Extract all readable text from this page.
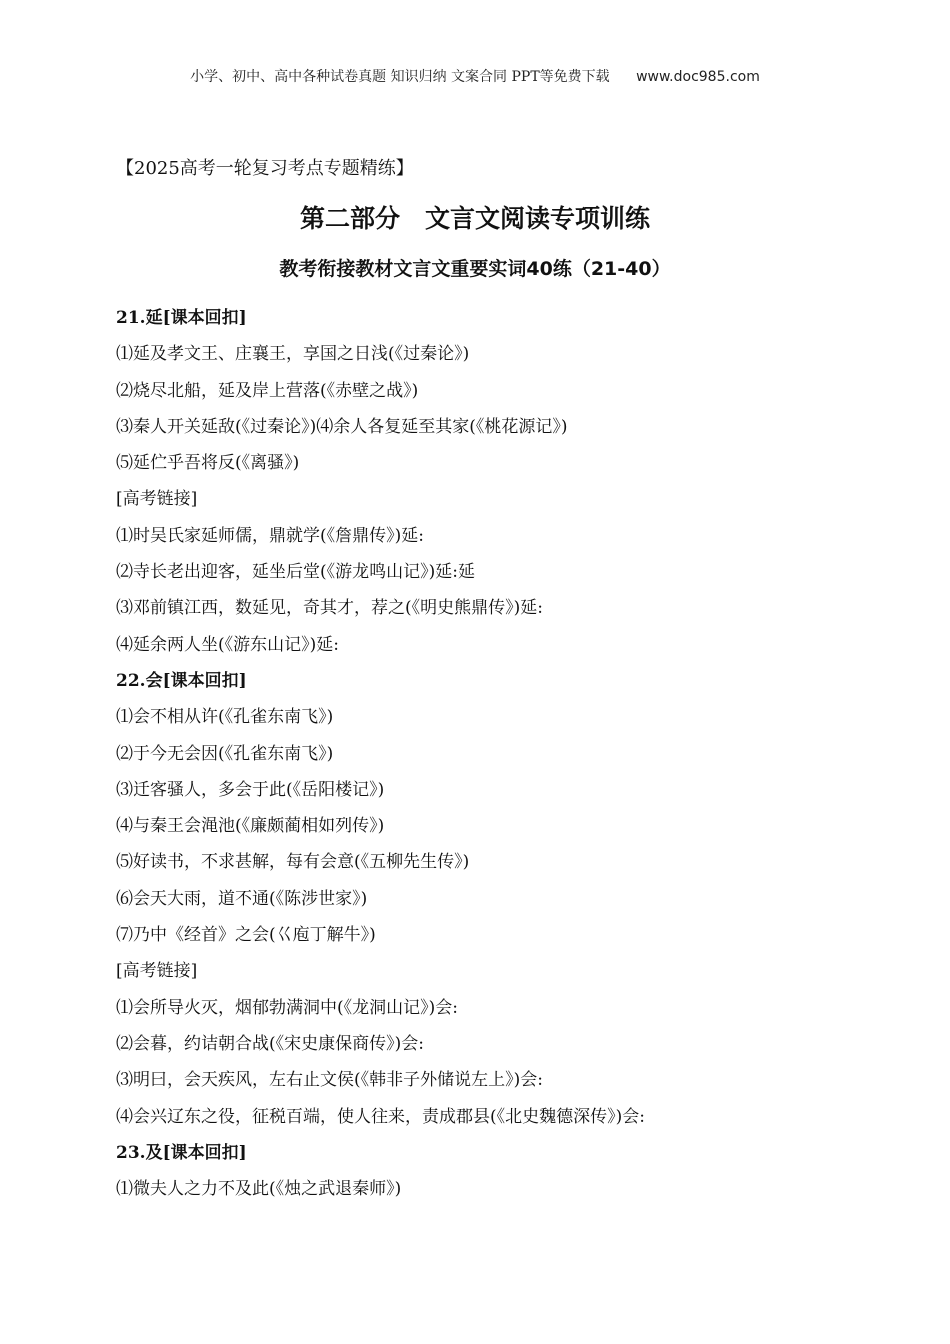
小学、初中、高中各种试卷真题 知识归纳 文案合同 PPT等免费下载 www.doc985.com
【2025高考一轮复习考点专题精练】
第二部分　文言文阅读专项训练
教考衔接教材文言文重要实词40练（21-40）
21.延[课本回扣]
⑴延及孝文王、庄襄王，享国之日浅(《过秦论》)
⑵烧尽北船，延及岸上营落(《赤壁之战》)
⑶秦人开关延敌(《过秦论》)⑷余人各复延至其家(《桃花源记》)
⑸延伫乎吾将反(《离骚》)
[高考链接]
⑴时吴氏家延师儒，鼎就学(《詹鼎传》)延:
⑵寺长老出迎客，延坐后堂(《游龙鸣山记》)延:延
⑶邓前镇江西，数延见，奇其才，荐之(《明史熊鼎传》)延:
⑷延余两人坐(《游东山记》)延:
22.会[课本回扣]
⑴会不相从许(《孔雀东南飞》)
⑵于今无会因(《孔雀东南飞》)
⑶迁客骚人，多会于此(《岳阳楼记》)
⑷与秦王会渑池(《廉颇蔺相如列传》)
⑸好读书，不求甚解，每有会意(《五柳先生传》)
⑹会天大雨，道不通(《陈涉世家》)
⑺乃中《经首》之会(巜庖丁解牛》)
[高考链接]
⑴会所导火灭，烟郁勃满洞中(《龙洞山记》)会:
⑵会暮，约诘朝合战(《宋史康保商传》)会:
⑶明曰，会天疾风，左右止文侯(《韩非子外储说左上》)会:
⑷会兴辽东之役，征税百端，使人往来，责成郡县(《北史魏德深传》)会:
23.及[课本回扣]
⑴微夫人之力不及此(《烛之武退秦师》)
